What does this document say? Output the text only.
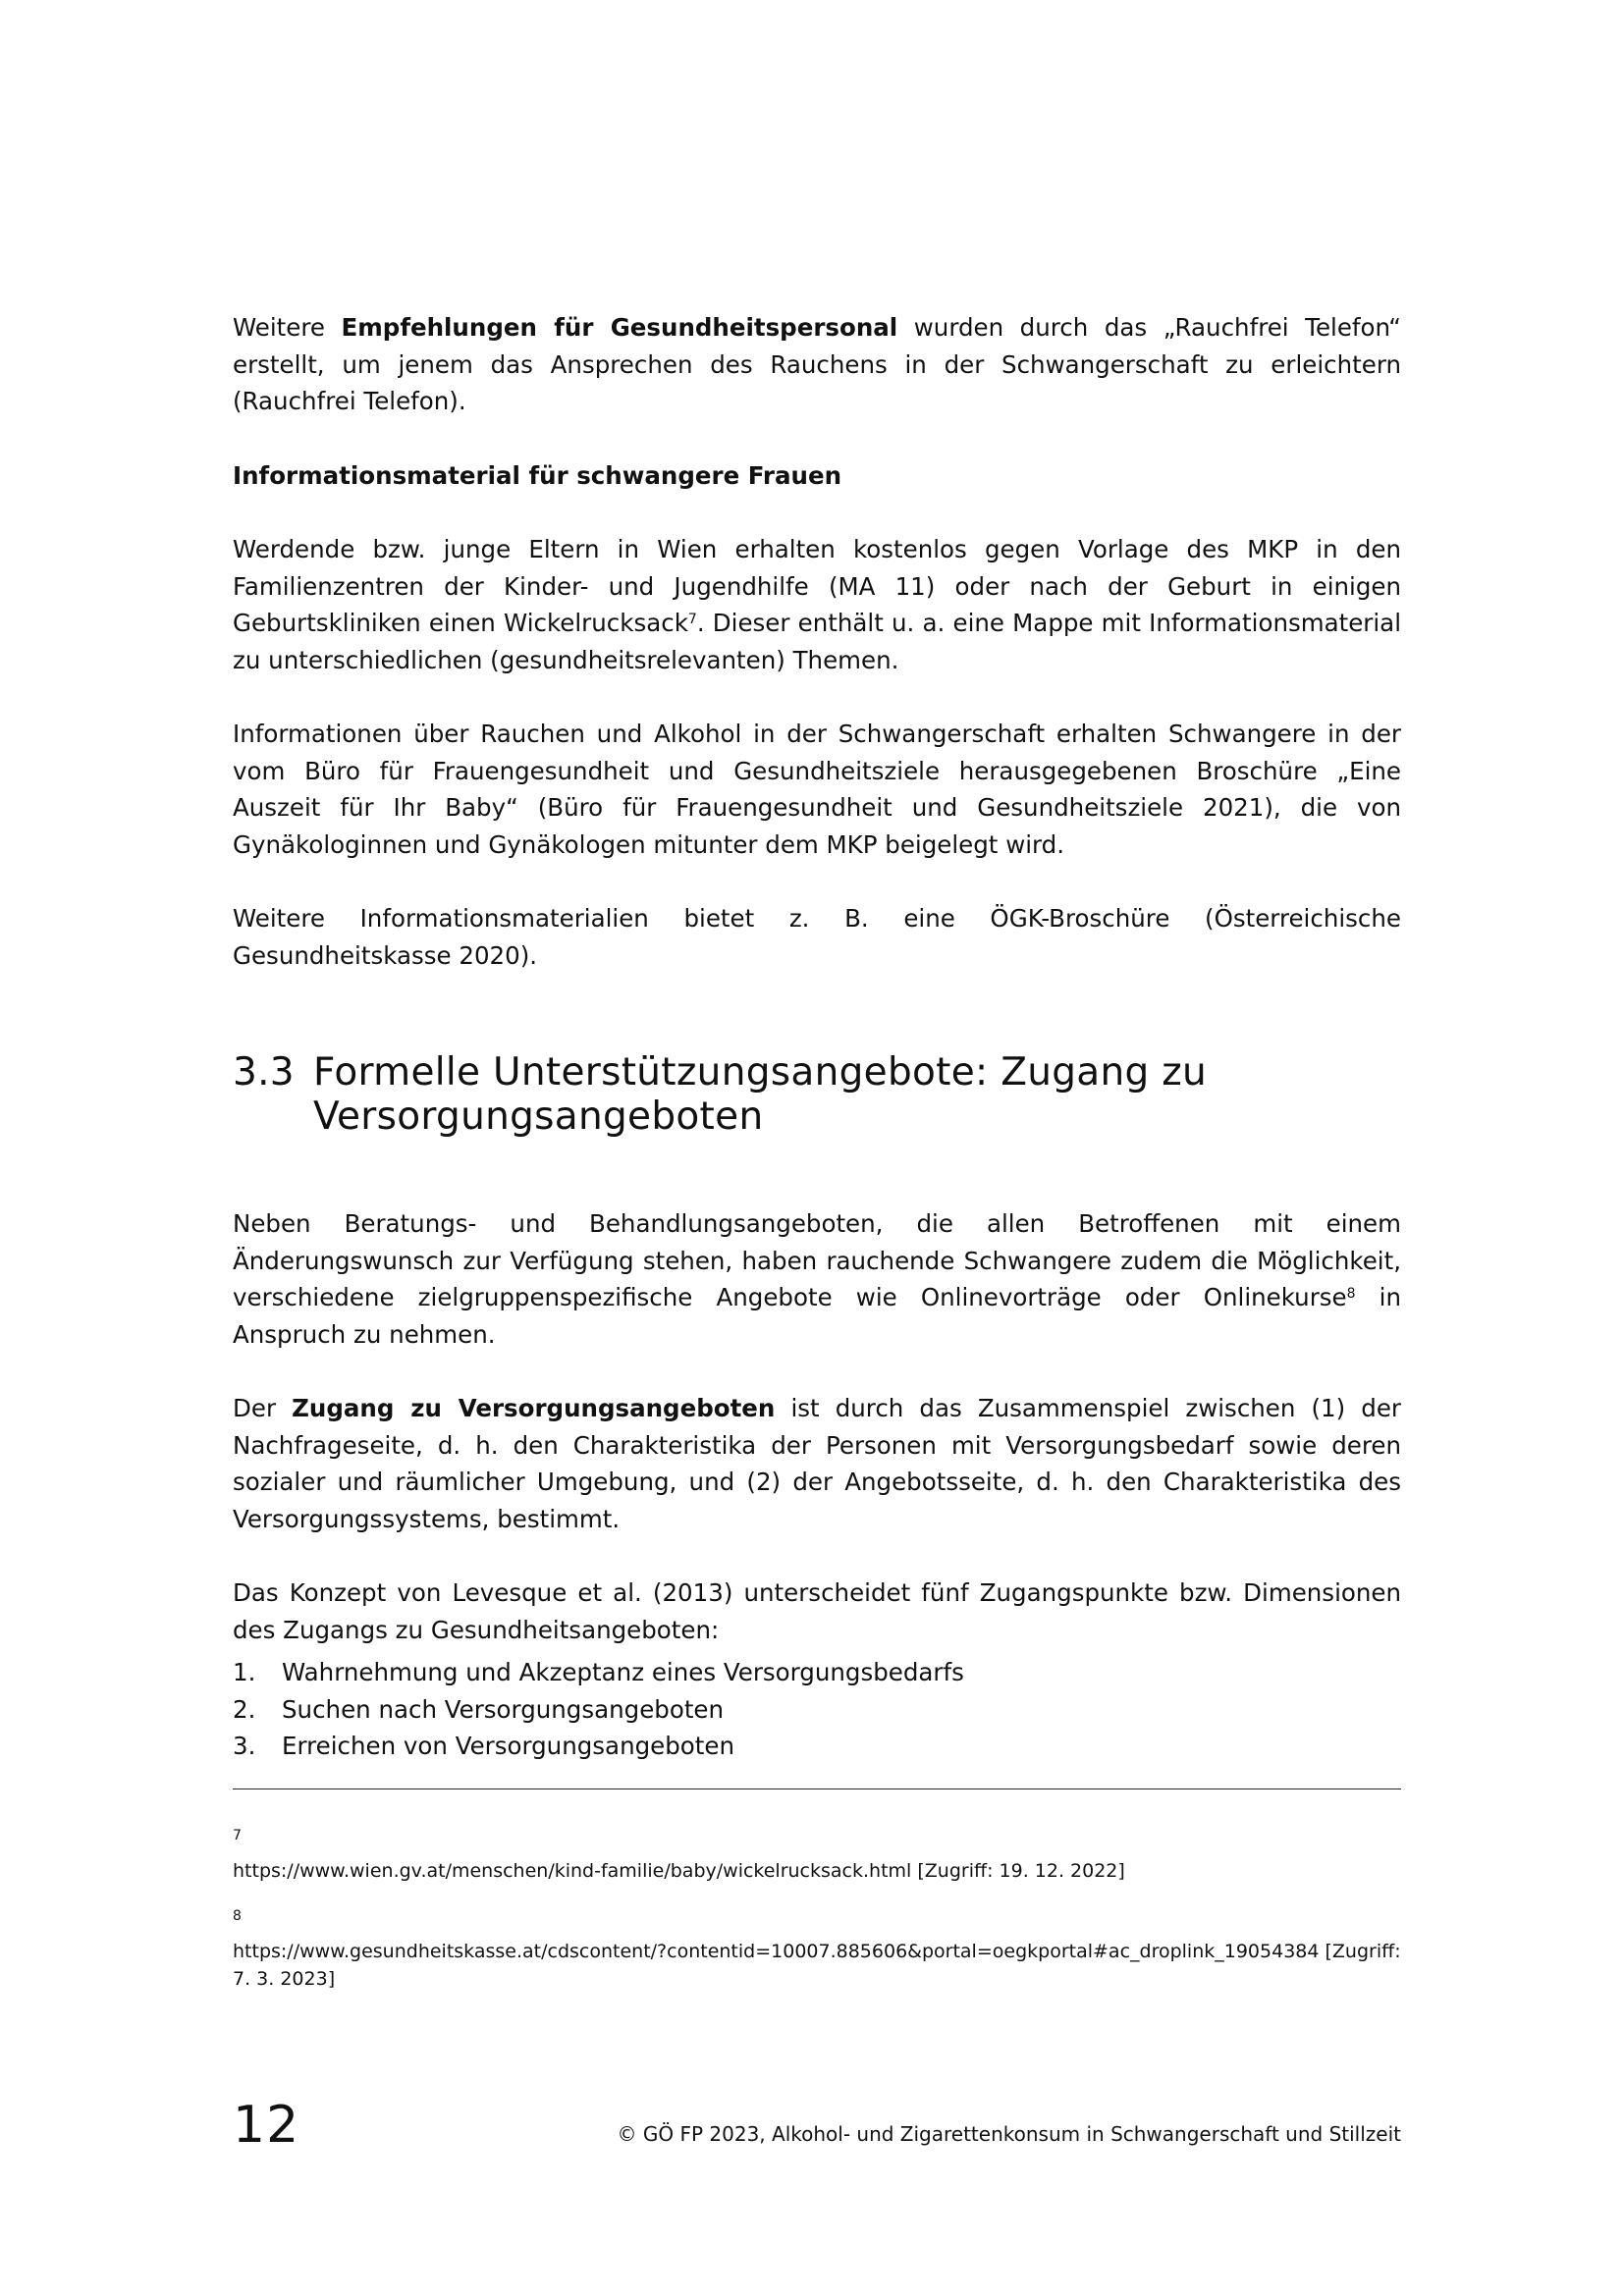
Weitere Empfehlungen für Gesundheitspersonal wurden durch das „Rauchfrei Telefon“ erstellt, um jenem das Ansprechen des Rauchens in der Schwangerschaft zu erleichtern (Rauchfrei Telefon).

Informationsmaterial für schwangere Frauen

Werdende bzw. junge Eltern in Wien erhalten kostenlos gegen Vorlage des MKP in den Familienzentren der Kinder- und Jugendhilfe (MA 11) oder nach der Geburt in einigen Geburtskliniken einen Wickelrucksack$^7$. Dieser enthält u. a. eine Mappe mit Informationsmaterial zu unterschiedlichen (gesundheitsrelevanten) Themen.

Informationen über Rauchen und Alkohol in der Schwangerschaft erhalten Schwangere in der vom Büro für Frauengesundheit und Gesundheitsziele herausgegebenen Broschüre „Eine Auszeit für Ihr Baby“ (Büro für Frauengesundheit und Gesundheitsziele 2021), die von Gynäkologinnen und Gynäkologen mitunter dem MKP beigelegt wird.

Weitere Informationsmaterialien bietet z. B. eine ÖGK-Broschüre (Österreichische Gesundheitskasse 2020).

3.3 Formelle Unterstützungsangebote: Zugang zu Versorgungsangeboten

Neben Beratungs- und Behandlungsangeboten, die allen Betroffenen mit einem Änderungswunsch zur Verfügung stehen, haben rauchende Schwangere zudem die Möglichkeit, verschiedene zielgruppenspezifische Angebote wie Onlinevorträge oder Onlinekurse$^8$ in Anspruch zu nehmen.

Der Zugang zu Versorgungsangeboten ist durch das Zusammenspiel zwischen (1) der Nachfrageseite, d. h. den Charakteristika der Personen mit Versorgungsbedarf sowie deren sozialer und räumlicher Umgebung, und (2) der Angebotsseite, d. h. den Charakteristika des Versorgungssystems, bestimmt.

Das Konzept von Levesque et al. (2013) unterscheidet fünf Zugangspunkte bzw. Dimensionen des Zugangs zu Gesundheitsangeboten:

1.	Wahrnehmung und Akzeptanz eines Versorgungsbedarfs
2.	Suchen nach Versorgungsangeboten
3.	Erreichen von Versorgungsangeboten
7
https://www.wien.gv.at/menschen/kind-familie/baby/wickelrucksack.html [Zugriff: 19. 12. 2022]
8
https://www.gesundheitskasse.at/cdscontent/?contentid=10007.885606&portal=oegkportal#ac_droplink_19054384 [Zugriff: 7. 3. 2023]
12	© GÖ FP 2023, Alkohol- und Zigarettenkonsum in Schwangerschaft und Stillzeit
